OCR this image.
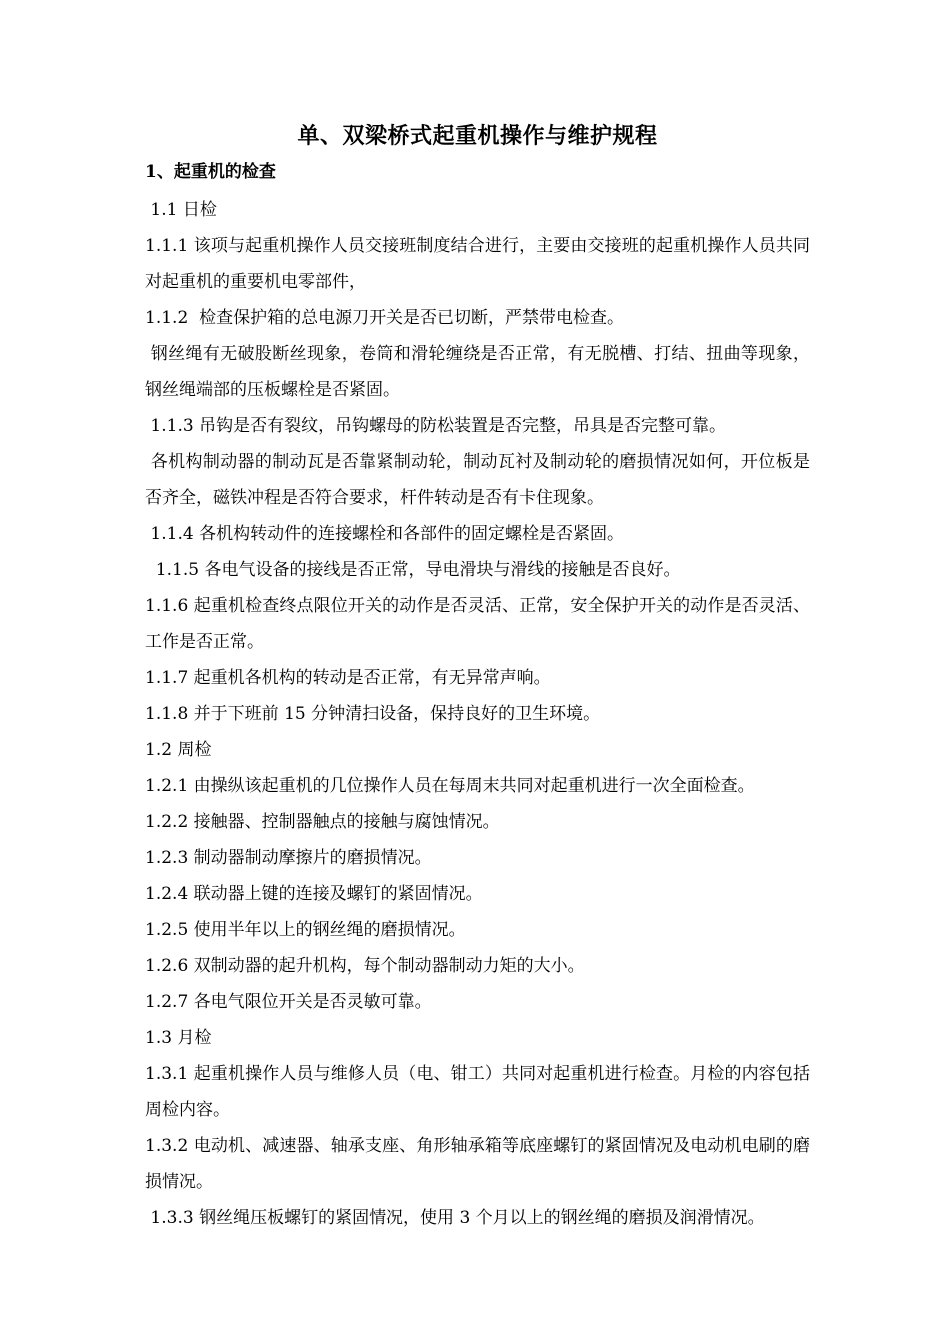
单、双梁桥式起重机操作与维护规程
1、起重机的检查

1.1 日检

1.1.1 该项与起重机操作人员交接班制度结合进行，主要由交接班的起重机操作人员共同对起重机的重要机电零部件，

1.1.2  检查保护箱的总电源刀开关是否已切断，严禁带电检查。

钢丝绳有无破股断丝现象，卷筒和滑轮缠绕是否正常，有无脱槽、打结、扭曲等现象，钢丝绳端部的压板螺栓是否紧固。

1.1.3 吊钩是否有裂纹，吊钩螺母的防松装置是否完整，吊具是否完整可靠。

各机构制动器的制动瓦是否靠紧制动轮，制动瓦衬及制动轮的磨损情况如何，开位板是否齐全，磁铁冲程是否符合要求，杆件转动是否有卡住现象。

1.1.4 各机构转动件的连接螺栓和各部件的固定螺栓是否紧固。

1.1.5 各电气设备的接线是否正常，导电滑块与滑线的接触是否良好。

1.1.6 起重机检查终点限位开关的动作是否灵活、正常，安全保护开关的动作是否灵活、工作是否正常。

1.1.7 起重机各机构的转动是否正常，有无异常声响。

1.1.8 并于下班前 15 分钟清扫设备，保持良好的卫生环境。

1.2 周检

1.2.1 由操纵该起重机的几位操作人员在每周末共同对起重机进行一次全面检查。

1.2.2 接触器、控制器触点的接触与腐蚀情况。

1.2.3 制动器制动摩擦片的磨损情况。

1.2.4 联动器上键的连接及螺钉的紧固情况。

1.2.5 使用半年以上的钢丝绳的磨损情况。

1.2.6 双制动器的起升机构，每个制动器制动力矩的大小。

1.2.7 各电气限位开关是否灵敏可靠。

1.3 月检

1.3.1 起重机操作人员与维修人员（电、钳工）共同对起重机进行检查。月检的内容包括周检内容。

1.3.2 电动机、减速器、轴承支座、角形轴承箱等底座螺钉的紧固情况及电动机电刷的磨损情况。

1.3.3 钢丝绳压板螺钉的紧固情况，使用 3 个月以上的钢丝绳的磨损及润滑情况。
